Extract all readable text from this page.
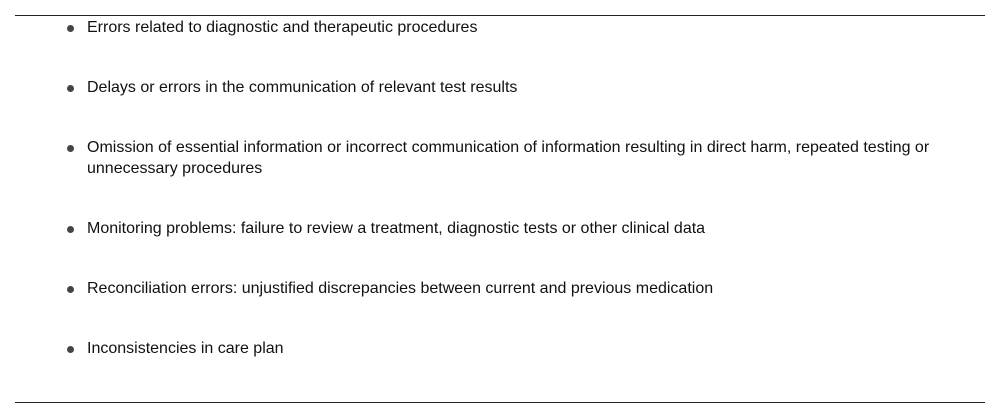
Errors related to diagnostic and therapeutic procedures
Delays or errors in the communication of relevant test results
Omission of essential information or incorrect communication of information resulting in direct harm, repeated testing or unnecessary procedures
Monitoring problems: failure to review a treatment, diagnostic tests or other clinical data
Reconciliation errors: unjustified discrepancies between current and previous medication
Inconsistencies in care plan
